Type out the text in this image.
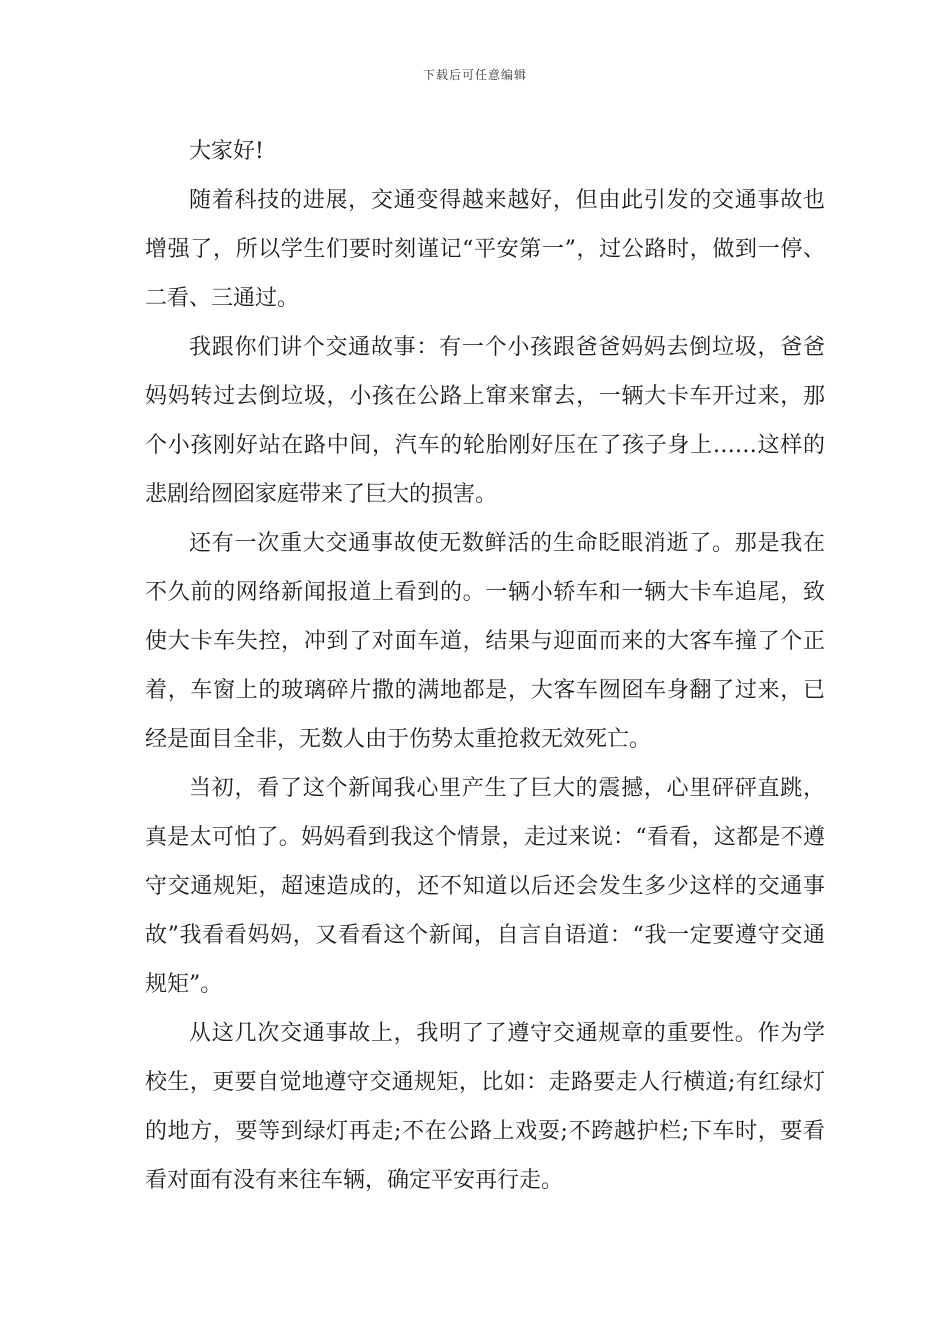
下载后可任意编辑

大家好!

随着科技的进展，交通变得越来越好，但由此引发的交通事故也增强了，所以学生们要时刻谨记“平安第一”，过公路时，做到一停、二看、三通过。

我跟你们讲个交通故事：有一个小孩跟爸爸妈妈去倒垃圾，爸爸妈妈转过去倒垃圾，小孩在公路上窜来窜去，一辆大卡车开过来，那个小孩刚好站在路中间，汽车的轮胎刚好压在了孩子身上……这样的悲剧给囫囵家庭带来了巨大的损害。

还有一次重大交通事故使无数鲜活的生命眨眼消逝了。那是我在不久前的网络新闻报道上看到的。一辆小轿车和一辆大卡车追尾，致使大卡车失控，冲到了对面车道，结果与迎面而来的大客车撞了个正着，车窗上的玻璃碎片撒的满地都是，大客车囫囵车身翻了过来，已经是面目全非，无数人由于伤势太重抢救无效死亡。

当初，看了这个新闻我心里产生了巨大的震撼，心里砰砰直跳，真是太可怕了。妈妈看到我这个情景，走过来说：“看看，这都是不遵守交通规矩，超速造成的，还不知道以后还会发生多少这样的交通事故”我看看妈妈，又看看这个新闻，自言自语道：“我一定要遵守交通规矩”。

从这几次交通事故上，我明了了遵守交通规章的重要性。作为学校生，更要自觉地遵守交通规矩，比如：走路要走人行横道;有红绿灯的地方，要等到绿灯再走;不在公路上戏耍;不跨越护栏;下车时，要看看对面有没有来往车辆，确定平安再行走。
